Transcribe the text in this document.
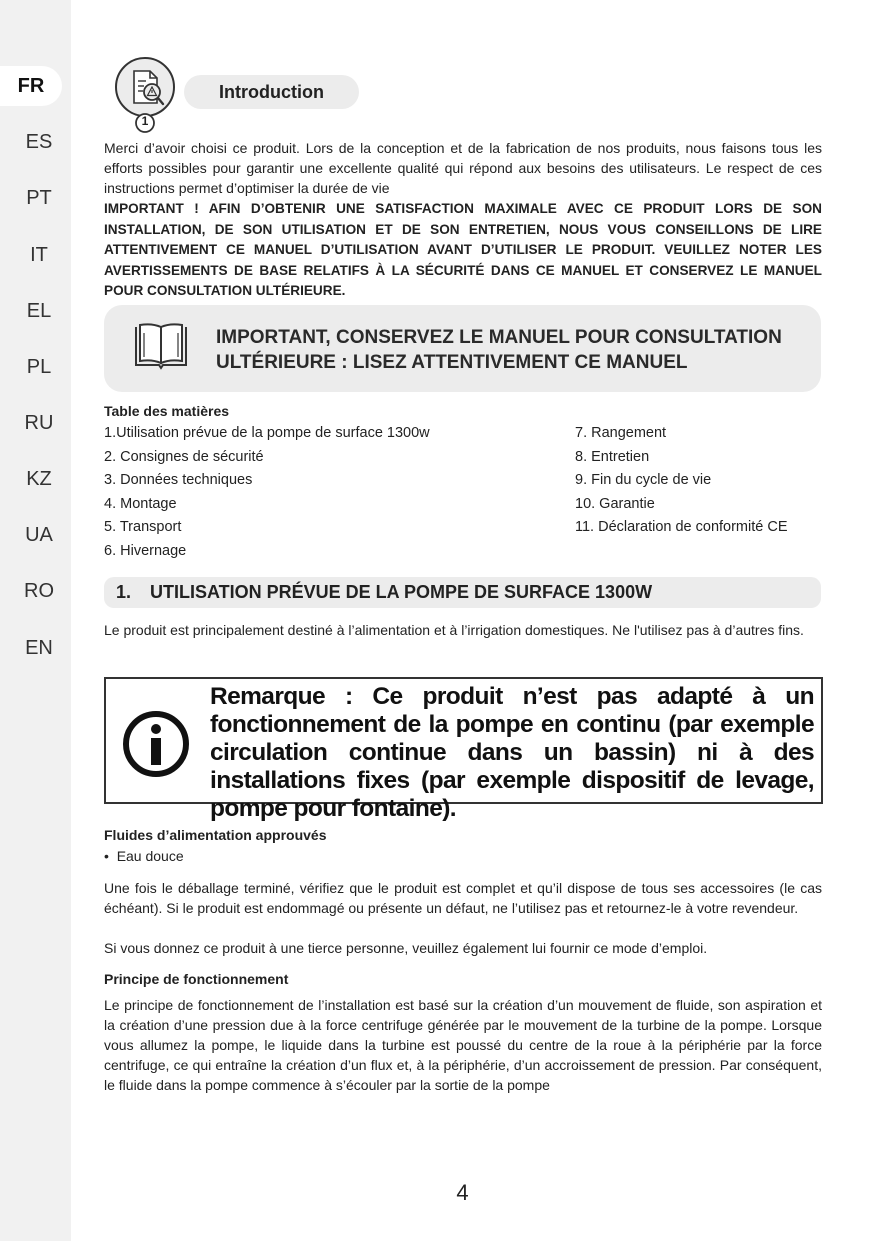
FR
ES
PT
IT
EL
PL
RU
KZ
UA
RO
EN
1
Introduction
Merci d’avoir choisi ce produit. Lors de la conception et de la fabrication de nos produits, nous faisons tous les efforts possibles pour garantir une excellente qualité qui répond aux besoins des utilisateurs. Le respect de ces instructions permet d’optimiser la durée de vie
IMPORTANT ! AFIN D’OBTENIR UNE SATISFACTION MAXIMALE AVEC CE PRODUIT LORS DE SON INSTALLATION, DE SON UTILISATION ET DE SON ENTRETIEN, NOUS VOUS CONSEILLONS DE LIRE ATTENTIVEMENT CE MANUEL D’UTILISATION AVANT D’UTILISER LE PRODUIT. VEUILLEZ NOTER LES AVERTISSEMENTS DE BASE RELATIFS À LA SÉCURITÉ DANS CE MANUEL ET CONSERVEZ LE MANUEL POUR CONSULTATION ULTÉRIEURE.
IMPORTANT, CONSERVEZ LE MANUEL POUR CONSULTATION
ULTÉRIEURE : LISEZ ATTENTIVEMENT CE MANUEL
Table des matières
1.Utilisation prévue de la pompe de surface 1300w
2. Consignes de sécurité
3. Données techniques
4. Montage
5. Transport
6. Hivernage
7. Rangement
8. Entretien
9. Fin du cycle de vie
10. Garantie
11. Déclaration de conformité CE
1.	UTILISATION PRÉVUE DE LA POMPE DE SURFACE 1300W
Le produit est principalement destiné à l’alimentation et à l’irrigation domestiques. Ne l'utilisez pas à d’autres fins.
Remarque : Ce produit n’est pas adapté à un fonctionnement de la pompe en continu (par exemple circulation continue dans un bassin) ni à des installations fixes (par exemple dispositif de levage, pompe pour fontaine).
Fluides d’alimentation approuvés
•  Eau douce
Une fois le déballage terminé, vérifiez que le produit est complet et qu’il dispose de tous ses accessoires (le cas échéant). Si le produit est endommagé ou présente un défaut, ne l’utilisez pas et retournez-le à votre revendeur.
Si vous donnez ce produit à une tierce personne, veuillez également lui fournir ce mode d’emploi.
Principe de fonctionnement
Le principe de fonctionnement de l’installation est basé sur la création d’un mouvement de fluide, son aspiration et la création d’une pression due à la force centrifuge générée par le mouvement de la turbine de la pompe. Lorsque vous allumez la pompe, le liquide dans la turbine est poussé du centre de la roue à la périphérie par la force centrifuge, ce qui entraîne la création d’un flux et, à la périphérie, d’un accroissement de pression. Par conséquent, le fluide dans la pompe commence à s’écouler par la sortie de la pompe
4
